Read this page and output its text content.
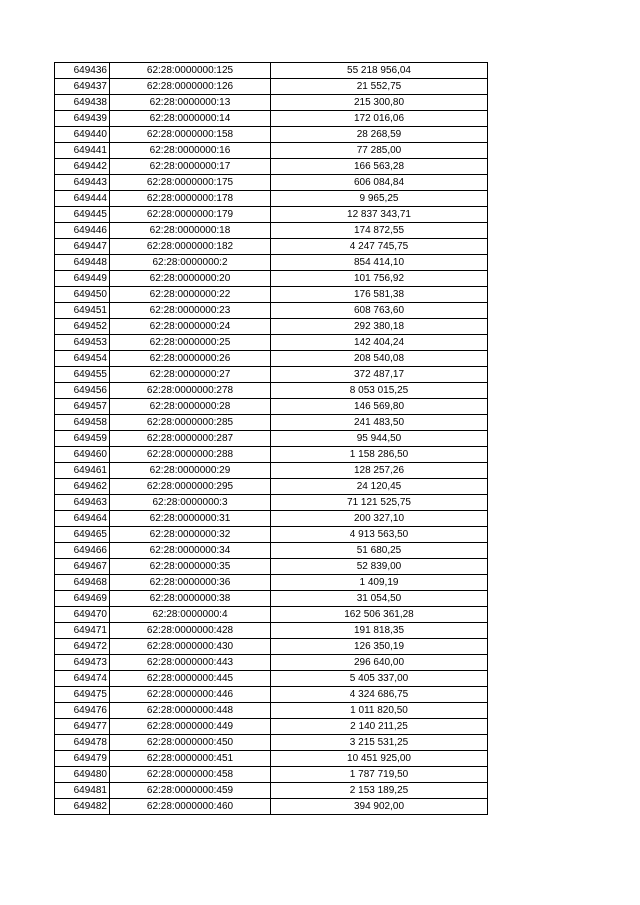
649436	62:28:0000000:125	55 218 956,04
649437	62:28:0000000:126	21 552,75
649438	62:28:0000000:13	215 300,80
649439	62:28:0000000:14	172 016,06
649440	62:28:0000000:158	28 268,59
649441	62:28:0000000:16	77 285,00
649442	62:28:0000000:17	166 563,28
649443	62:28:0000000:175	606 084,84
649444	62:28:0000000:178	9 965,25
649445	62:28:0000000:179	12 837 343,71
649446	62:28:0000000:18	174 872,55
649447	62:28:0000000:182	4 247 745,75
649448	62:28:0000000:2	854 414,10
649449	62:28:0000000:20	101 756,92
649450	62:28:0000000:22	176 581,38
649451	62:28:0000000:23	608 763,60
649452	62:28:0000000:24	292 380,18
649453	62:28:0000000:25	142 404,24
649454	62:28:0000000:26	208 540,08
649455	62:28:0000000:27	372 487,17
649456	62:28:0000000:278	8 053 015,25
649457	62:28:0000000:28	146 569,80
649458	62:28:0000000:285	241 483,50
649459	62:28:0000000:287	95 944,50
649460	62:28:0000000:288	1 158 286,50
649461	62:28:0000000:29	128 257,26
649462	62:28:0000000:295	24 120,45
649463	62:28:0000000:3	71 121 525,75
649464	62:28:0000000:31	200 327,10
649465	62:28:0000000:32	4 913 563,50
649466	62:28:0000000:34	51 680,25
649467	62:28:0000000:35	52 839,00
649468	62:28:0000000:36	1 409,19
649469	62:28:0000000:38	31 054,50
649470	62:28:0000000:4	162 506 361,28
649471	62:28:0000000:428	191 818,35
649472	62:28:0000000:430	126 350,19
649473	62:28:0000000:443	296 640,00
649474	62:28:0000000:445	5 405 337,00
649475	62:28:0000000:446	4 324 686,75
649476	62:28:0000000:448	1 011 820,50
649477	62:28:0000000:449	2 140 211,25
649478	62:28:0000000:450	3 215 531,25
649479	62:28:0000000:451	10 451 925,00
649480	62:28:0000000:458	1 787 719,50
649481	62:28:0000000:459	2 153 189,25
649482	62:28:0000000:460	394 902,00
